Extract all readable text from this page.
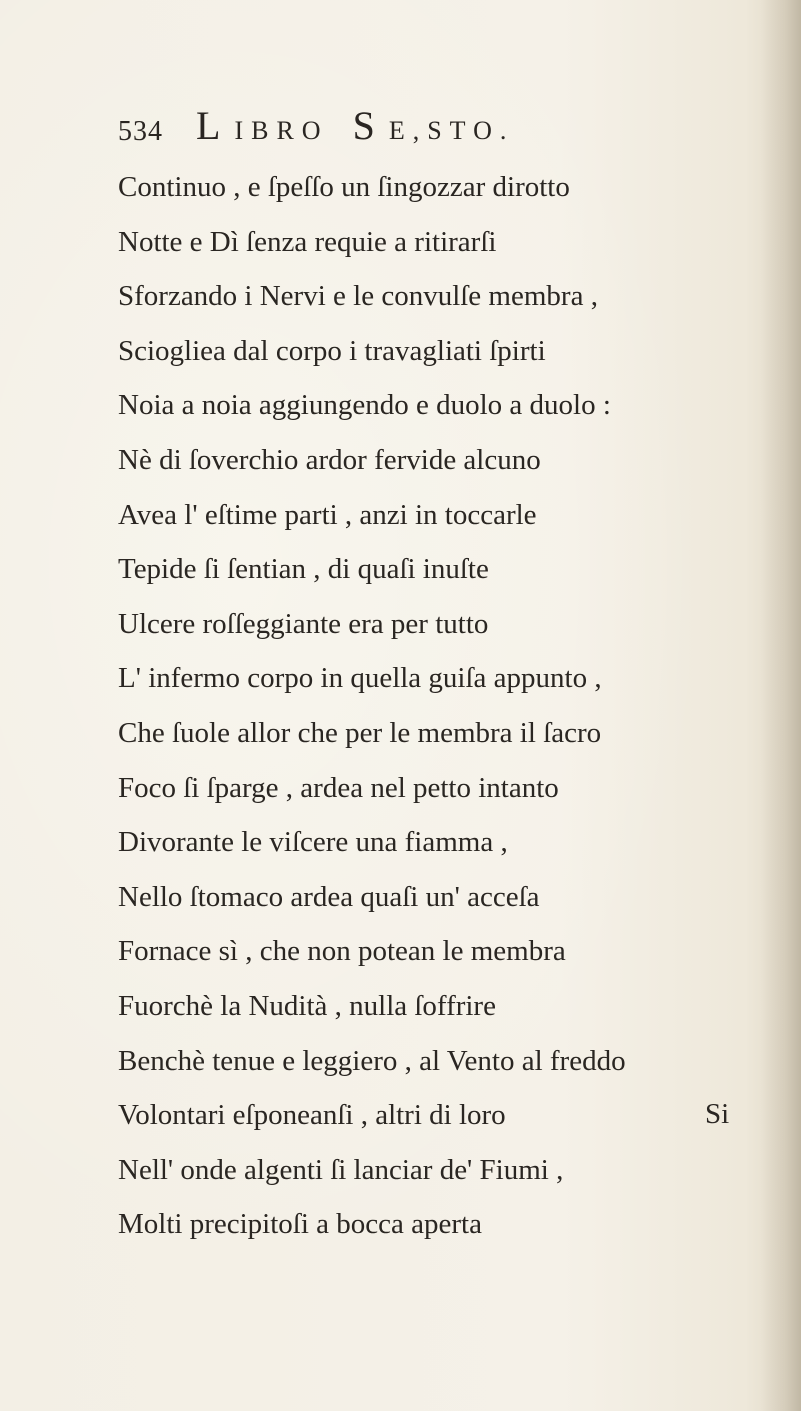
534 LIBRO SE,STO.
Continuo , e ſpeſſo un ſingozzar dirotto
Notte e Dì ſenza requie a ritirarſi
Sforzando i Nervi e le convulſe membra ,
Sciogliea dal corpo i travagliati ſpirti
Noia a noia aggiungendo e duolo a duolo :
Nè di ſoverchio ardor fervide alcuno
Avea l' eſtime parti , anzi in toccarle
Tepide ſi ſentian , di quaſi inuſte
Ulcere roſſeggiante era per tutto
L' infermo corpo in quella guiſa appunto ,
Che ſuole allor che per le membra il ſacro
Foco ſi ſparge , ardea nel petto intanto
Divorante le viſcere una fiamma ,
Nello ſtomaco ardea quaſi un' acceſa
Fornace sì , che non potean le membra
Fuorchè la Nudità , nulla ſoffrire
Benchè tenue e leggiero , al Vento al freddo
Volontari eſponeanſi , altri di loro
Nell' onde algenti ſi lanciar de' Fiumi ,
Molti precipitoſi a bocca aperta
Si
